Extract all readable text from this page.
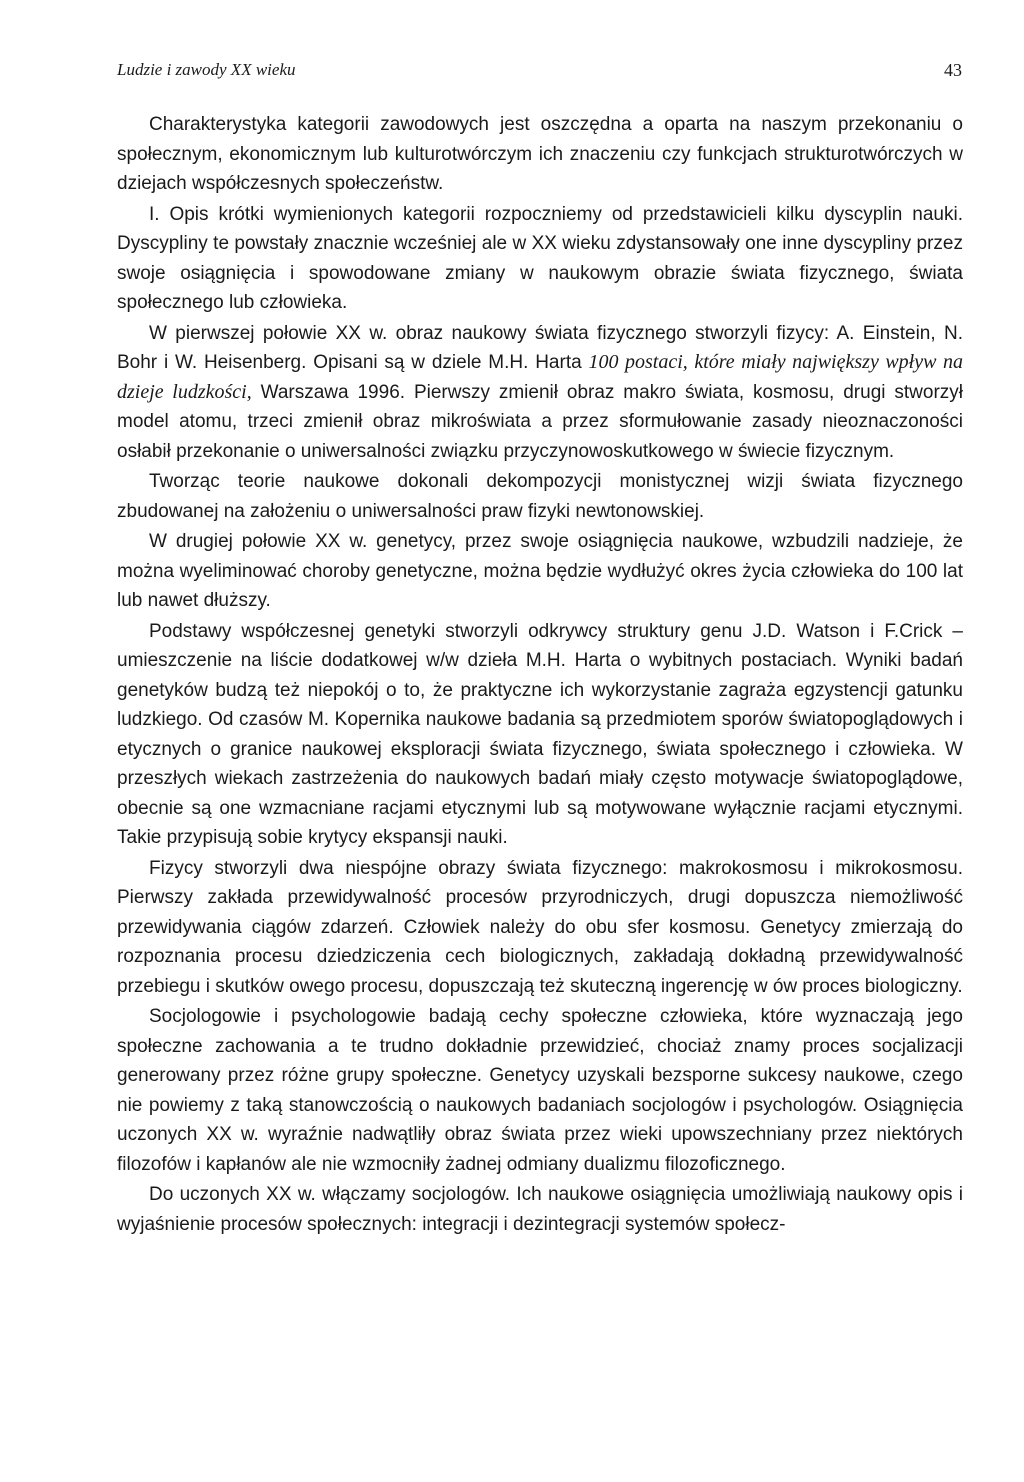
Ludzie i zawody XX wieku	43

Charakterystyka kategorii zawodowych jest oszczędna a oparta na naszym przekonaniu o społecznym, ekonomicznym lub kulturotwórczym ich znaczeniu czy funkcjach strukturotwórczych w dziejach współczesnych społeczeństw.

I. Opis krótki wymienionych kategorii rozpoczniemy od przedstawicieli kilku dyscyplin nauki. Dyscypliny te powstały znacznie wcześniej ale w XX wieku zdystansowały one inne dyscypliny przez swoje osiągnięcia i spowodowane zmiany w naukowym obrazie świata fizycznego, świata społecznego lub człowieka.

W pierwszej połowie XX w. obraz naukowy świata fizycznego stworzyli fizycy: A. Einstein, N. Bohr i W. Heisenberg. Opisani są w dziele M.H. Harta 100 postaci, które miały największy wpływ na dzieje ludzkości, Warszawa 1996. Pierwszy zmienił obraz makro świata, kosmosu, drugi stworzył model atomu, trzeci zmienił obraz mikroświata a przez sformułowanie zasady nieoznaczoności osłabił przekonanie o uniwersalności związku przyczynowoskutkowego w świecie fizycznym.

Tworząc teorie naukowe dokonali dekompozycji monistycznej wizji świata fizycznego zbudowanej na założeniu o uniwersalności praw fizyki newtonowskiej.

W drugiej połowie XX w. genetycy, przez swoje osiągnięcia naukowe, wzbudzili nadzieje, że można wyeliminować choroby genetyczne, można będzie wydłużyć okres życia człowieka do 100 lat lub nawet dłuższy.

Podstawy współczesnej genetyki stworzyli odkrywcy struktury genu J.D. Watson i F.Crick – umieszczenie na liście dodatkowej w/w dzieła M.H. Harta o wybitnych postaciach. Wyniki badań genetyków budzą też niepokój o to, że praktyczne ich wykorzystanie zagraża egzystencji gatunku ludzkiego. Od czasów M. Kopernika naukowe badania są przedmiotem sporów światopoglądowych i etycznych o granice naukowej eksploracji świata fizycznego, świata społecznego i człowieka. W przeszłych wiekach zastrzeżenia do naukowych badań miały często motywacje światopoglądowe, obecnie są one wzmacniane racjami etycznymi lub są motywowane wyłącznie racjami etycznymi. Takie przypisują sobie krytycy ekspansji nauki.

Fizycy stworzyli dwa niespójne obrazy świata fizycznego: makrokosmosu i mikrokosmosu. Pierwszy zakłada przewidywalność procesów przyrodniczych, drugi dopuszcza niemożliwość przewidywania ciągów zdarzeń. Człowiek należy do obu sfer kosmosu. Genetycy zmierzają do rozpoznania procesu dziedziczenia cech biologicznych, zakładają dokładną przewidywalność przebiegu i skutków owego procesu, dopuszczają też skuteczną ingerencję w ów proces biologiczny.

Socjologowie i psychologowie badają cechy społeczne człowieka, które wyznaczają jego społeczne zachowania a te trudno dokładnie przewidzieć, chociaż znamy proces socjalizacji generowany przez różne grupy społeczne. Genetycy uzyskali bezsporne sukcesy naukowe, czego nie powiemy z taką stanowczością o naukowych badaniach socjologów i psychologów. Osiągnięcia uczonych XX w. wyraźnie nadwątliły obraz świata przez wieki upowszechniany przez niektórych filozofów i kapłanów ale nie wzmocniły żadnej odmiany dualizmu filozoficznego.

Do uczonych XX w. włączamy socjologów. Ich naukowe osiągnięcia umożliwiają naukowy opis i wyjaśnienie procesów społecznych: integracji i dezintegracji systemów społecz-
